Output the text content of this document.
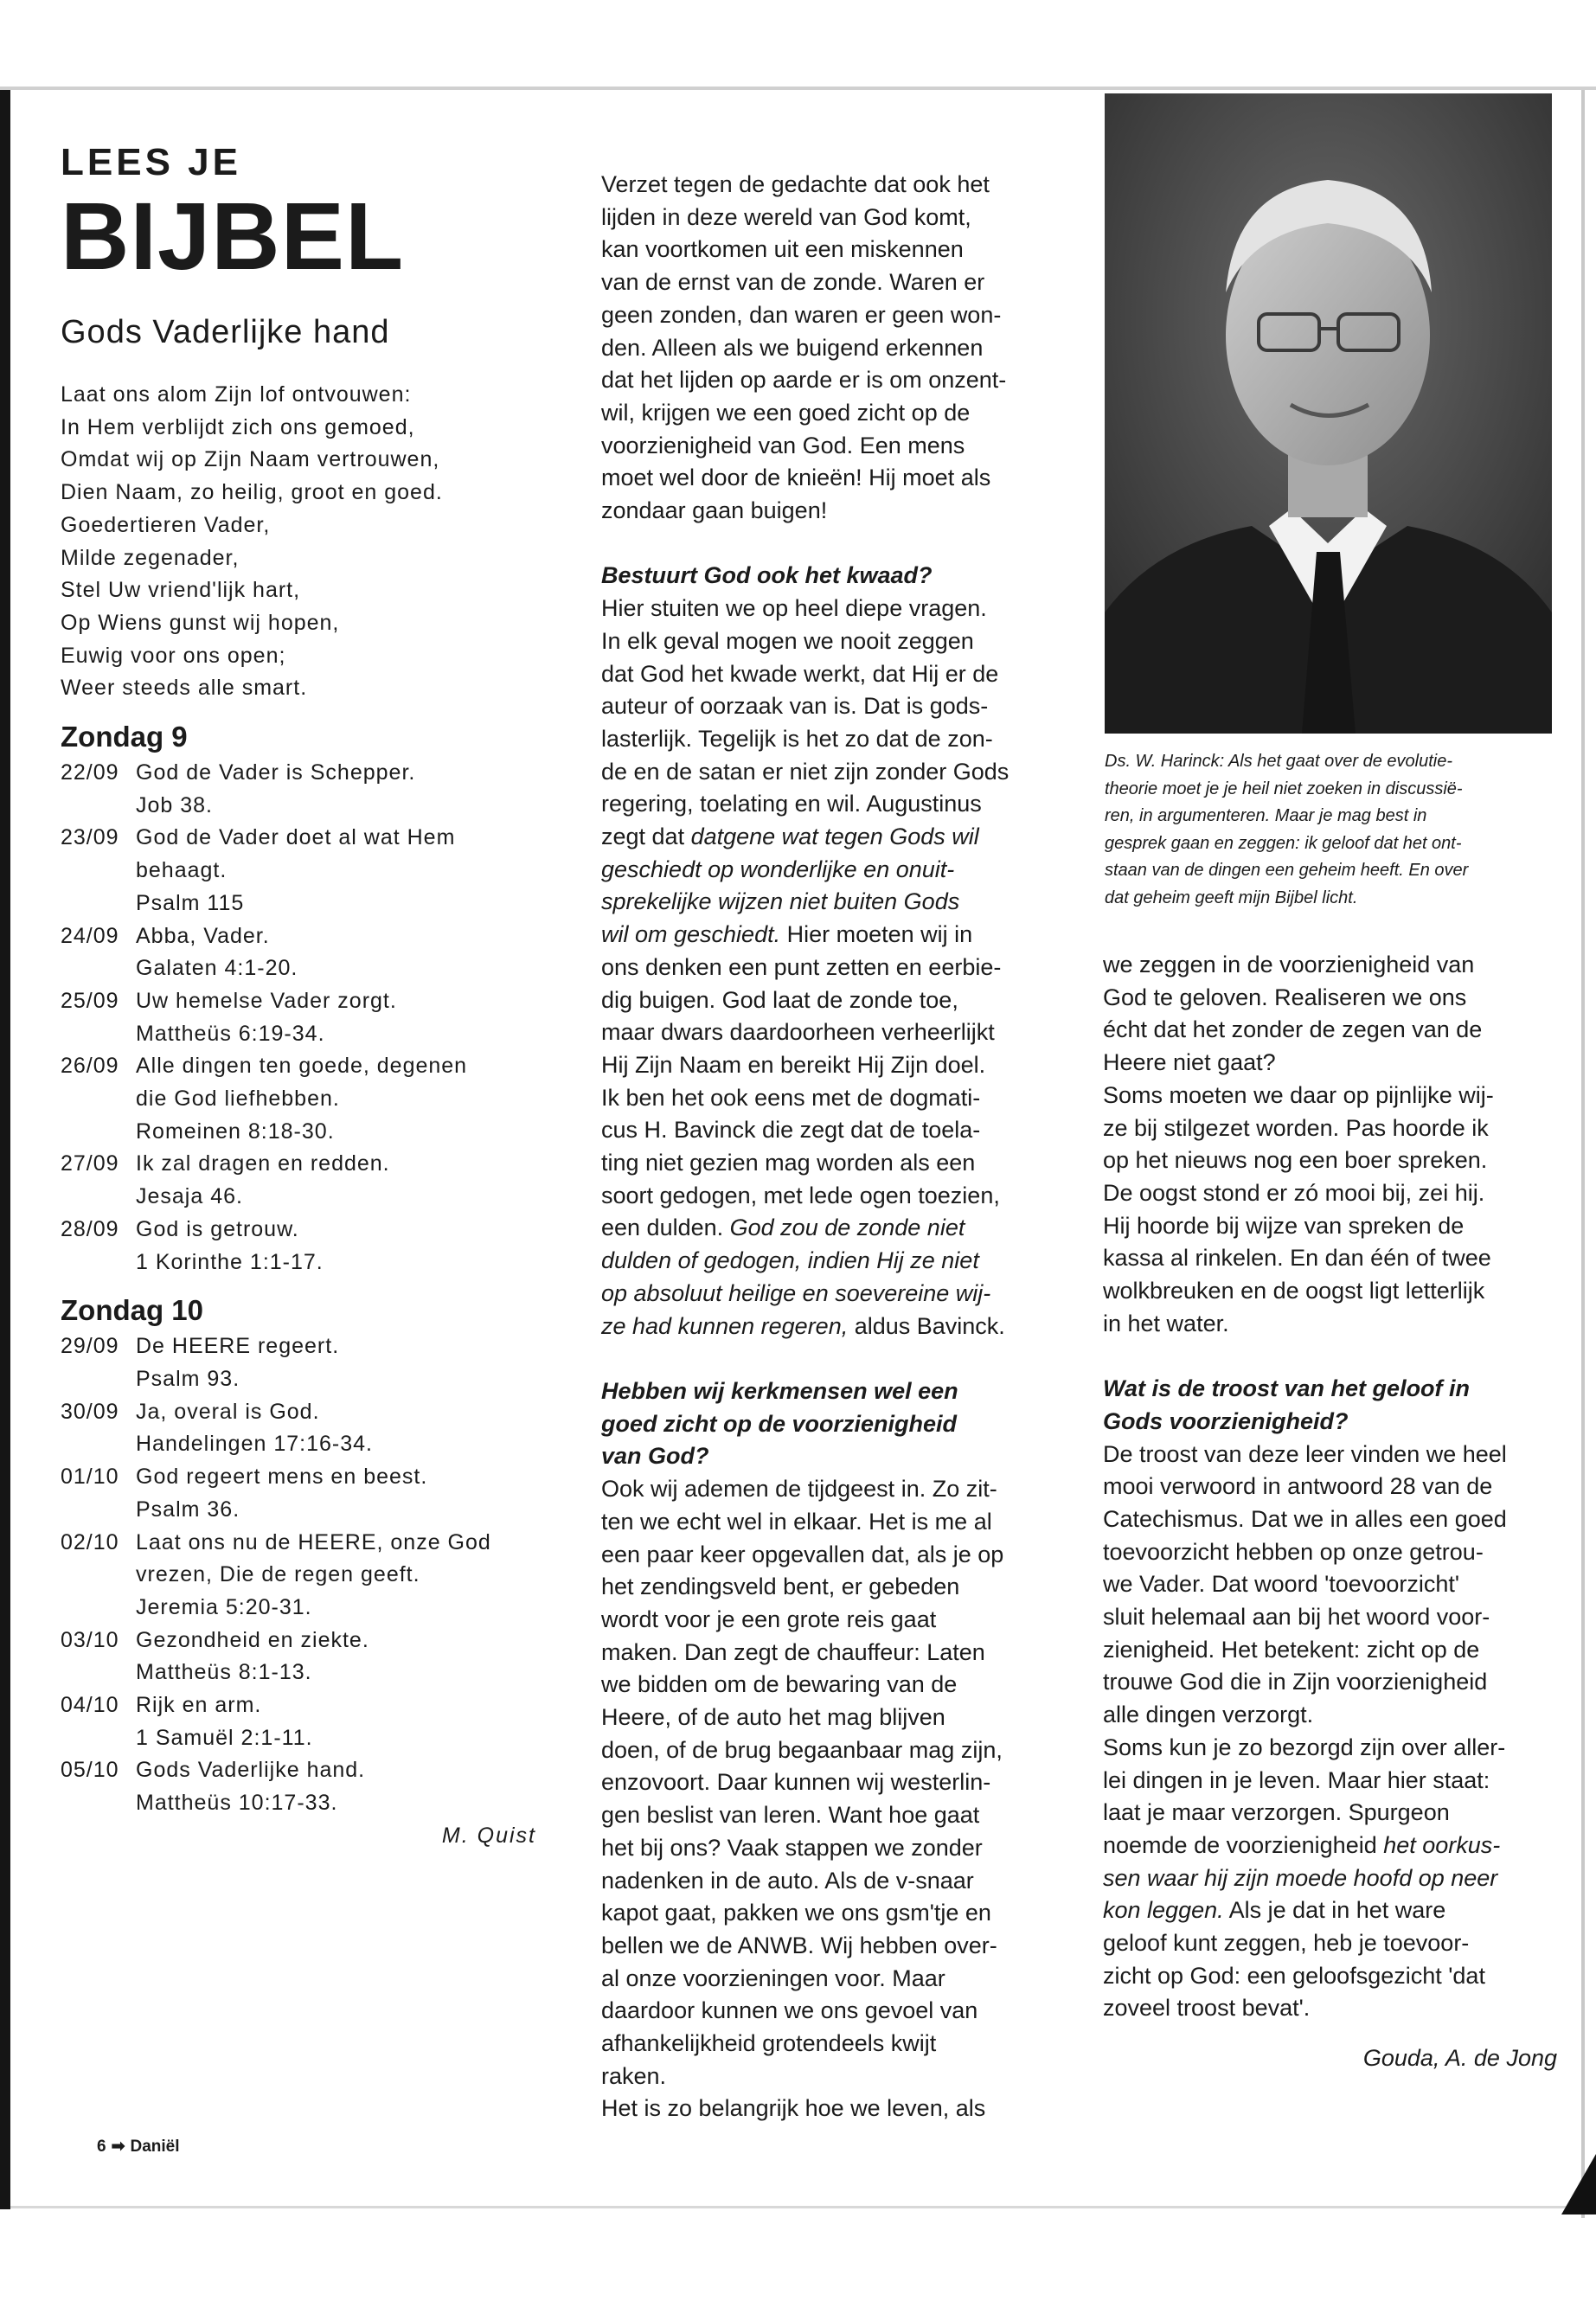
LEES JE
BIJBEL
Gods Vaderlijke hand
Laat ons alom Zijn lof ontvouwen:
In Hem verblijdt zich ons gemoed,
Omdat wij op Zijn Naam vertrouwen,
Dien Naam, zo heilig, groot en goed.
Goedertieren Vader,
Milde zegenader,
Stel Uw vriend'lijk hart,
Op Wiens gunst wij hopen,
Euwig voor ons open;
Weer steeds alle smart.
Zondag 9
22/09 God de Vader is Schepper.
Job 38.
23/09 God de Vader doet al wat Hem
behaagt.
Psalm 115
24/09 Abba, Vader.
Galaten 4:1-20.
25/09 Uw hemelse Vader zorgt.
Mattheüs 6:19-34.
26/09 Alle dingen ten goede, degenen
die God liefhebben.
Romeinen 8:18-30.
27/09 Ik zal dragen en redden.
Jesaja 46.
28/09 God is getrouw.
1 Korinthe 1:1-17.
Zondag 10
29/09 De HEERE regeert.
Psalm 93.
30/09 Ja, overal is God.
Handelingen 17:16-34.
01/10 God regeert mens en beest.
Psalm 36.
02/10 Laat ons nu de HEERE, onze God
vrezen, Die de regen geeft.
Jeremia 5:20-31.
03/10 Gezondheid en ziekte.
Mattheüs 8:1-13.
04/10 Rijk en arm.
1 Samuël 2:1-11.
05/10 Gods Vaderlijke hand.
Mattheüs 10:17-33.
M. Quist
6 ➡ Daniël
Verzet tegen de gedachte dat ook het
lijden in deze wereld van God komt,
kan voortkomen uit een miskennen
van de ernst van de zonde. Waren er
geen zonden, dan waren er geen won-
den. Alleen als we buigend erkennen
dat het lijden op aarde er is om onzent-
wil, krijgen we een goed zicht op de
voorzienigheid van God. Een mens
moet wel door de knieën! Hij moet als
zondaar gaan buigen!
Bestuurt God ook het kwaad?
Hier stuiten we op heel diepe vragen.
In elk geval mogen we nooit zeggen
dat God het kwade werkt, dat Hij er de
auteur of oorzaak van is. Dat is gods-
lasterlijk. Tegelijk is het zo dat de zon-
de en de satan er niet zijn zonder Gods
regering, toelating en wil. Augustinus
zegt dat datgene wat tegen Gods wil
geschiedt op wonderlijke en onuit-
sprekelijke wijzen niet buiten Gods
wil om geschiedt. Hier moeten wij in
ons denken een punt zetten en eerbie-
dig buigen. God laat de zonde toe,
maar dwars daardoorheen verheerlijkt
Hij Zijn Naam en bereikt Hij Zijn doel.
Ik ben het ook eens met de dogmati-
cus H. Bavinck die zegt dat de toela-
ting niet gezien mag worden als een
soort gedogen, met lede ogen toezien,
een dulden. God zou de zonde niet
dulden of gedogen, indien Hij ze niet
op absoluut heilige en soevereine wij-
ze had kunnen regeren, aldus Bavinck.
Hebben wij kerkmensen wel een
goed zicht op de voorzienigheid
van God?
Ook wij ademen de tijdgeest in. Zo zit-
ten we echt wel in elkaar. Het is me al
een paar keer opgevallen dat, als je op
het zendingsveld bent, er gebeden
wordt voor je een grote reis gaat
maken. Dan zegt de chauffeur: Laten
we bidden om de bewaring van de
Heere, of de auto het mag blijven
doen, of de brug begaanbaar mag zijn,
enzovoort. Daar kunnen wij westerlin-
gen beslist van leren. Want hoe gaat
het bij ons? Vaak stappen we zonder
nadenken in de auto. Als de v-snaar
kapot gaat, pakken we ons gsm'tje en
bellen we de ANWB. Wij hebben over-
al onze voorzieningen voor. Maar
daardoor kunnen we ons gevoel van
afhankelijkheid grotendeels kwijt
raken.
Het is zo belangrijk hoe we leven, als
Ds. W. Harinck: Als het gaat over de evolutie-
theorie moet je je heil niet zoeken in discussië-
ren, in argumenteren. Maar je mag best in
gesprek gaan en zeggen: ik geloof dat het ont-
staan van de dingen een geheim heeft. En over
dat geheim geeft mijn Bijbel licht.
we zeggen in de voorzienigheid van
God te geloven. Realiseren we ons
écht dat het zonder de zegen van de
Heere niet gaat?
Soms moeten we daar op pijnlijke wij-
ze bij stilgezet worden. Pas hoorde ik
op het nieuws nog een boer spreken.
De oogst stond er zó mooi bij, zei hij.
Hij hoorde bij wijze van spreken de
kassa al rinkelen. En dan één of twee
wolkbreuken en de oogst ligt letterlijk
in het water.
Wat is de troost van het geloof in
Gods voorzienigheid?
De troost van deze leer vinden we heel
mooi verwoord in antwoord 28 van de
Catechismus. Dat we in alles een goed
toevoorzicht hebben op onze getrou-
we Vader. Dat woord 'toevoorzicht'
sluit helemaal aan bij het woord voor-
zienigheid. Het betekent: zicht op de
trouwe God die in Zijn voorzienigheid
alle dingen verzorgt.
Soms kun je zo bezorgd zijn over aller-
lei dingen in je leven. Maar hier staat:
laat je maar verzorgen. Spurgeon
noemde de voorzienigheid het oorkus-
sen waar hij zijn moede hoofd op neer
kon leggen. Als je dat in het ware
geloof kunt zeggen, heb je toevoor-
zicht op God: een geloofsgezicht 'dat
zoveel troost bevat'.
Gouda, A. de Jong
